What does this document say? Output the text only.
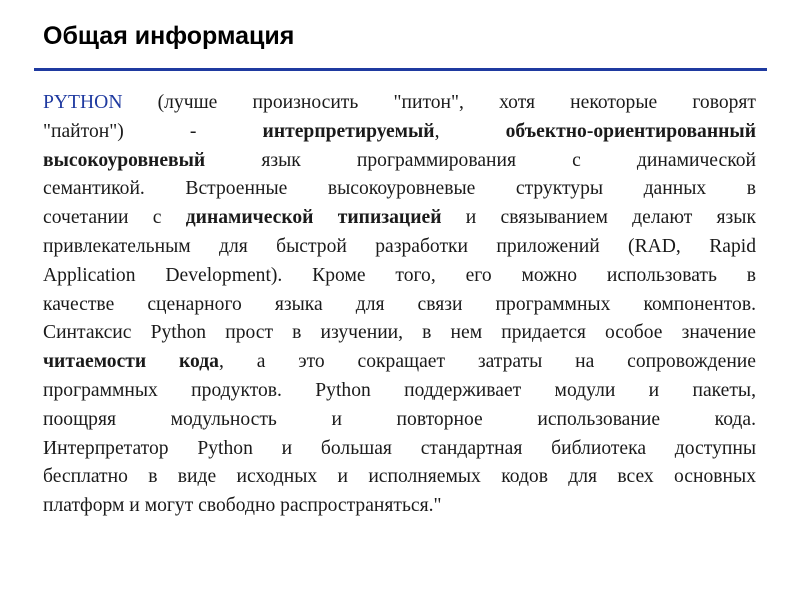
Общая информация
PYTHON (лучше произносить "питон", хотя некоторые говорят
"пайтон") - интерпретируемый, объектно-ориентированный
высокоуровневый язык программирования с динамической
семантикой. Встроенные высокоуровневые структуры данных в
сочетании с динамической типизацией и связыванием делают язык
привлекательным для быстрой разработки приложений (RAD, Rapid
Application Development). Кроме того, его можно использовать в
качестве сценарного языка для связи программных компонентов.
Синтаксис Python прост в изучении, в нем придается особое значение
читаемости кода, а это сокращает затраты на сопровождение
программных продуктов. Python поддерживает модули и пакеты,
поощряя модульность и повторное использование кода.
Интерпретатор Python и большая стандартная библиотека доступны
бесплатно в виде исходных и исполняемых кодов для всех основных
платформ и могут свободно распространяться."
